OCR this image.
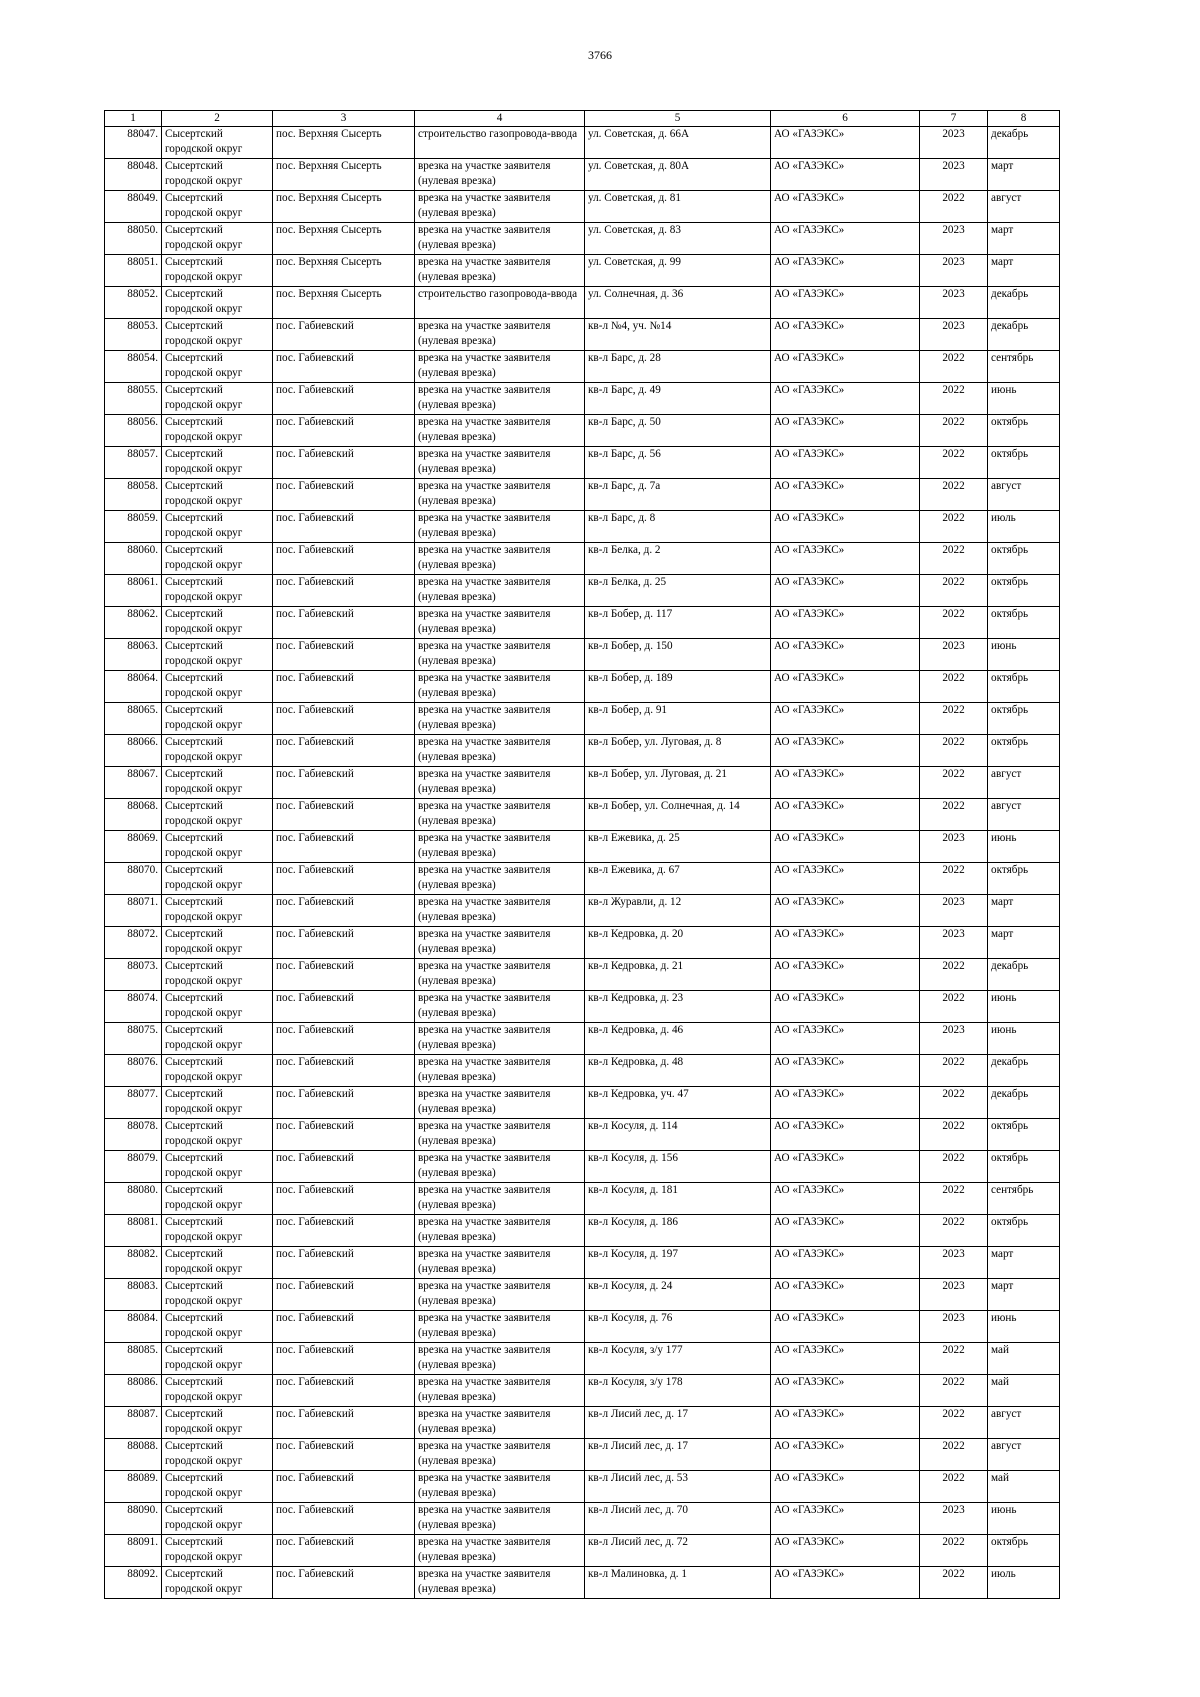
3766
1	2	3	4	5	6	7	8
88047.	Сысертский городской округ	пос. Верхняя Сысерть	строительство газопровода-ввода	ул. Советская, д. 66А	АО «ГАЗЭКС»	2023	декабрь
88048.	Сысертский городской округ	пос. Верхняя Сысерть	врезка на участке заявителя (нулевая врезка)	ул. Советская, д. 80А	АО «ГАЗЭКС»	2023	март
88049.	Сысертский городской округ	пос. Верхняя Сысерть	врезка на участке заявителя (нулевая врезка)	ул. Советская, д. 81	АО «ГАЗЭКС»	2022	август
88050.	Сысертский городской округ	пос. Верхняя Сысерть	врезка на участке заявителя (нулевая врезка)	ул. Советская, д. 83	АО «ГАЗЭКС»	2023	март
88051.	Сысертский городской округ	пос. Верхняя Сысерть	врезка на участке заявителя (нулевая врезка)	ул. Советская, д. 99	АО «ГАЗЭКС»	2023	март
88052.	Сысертский городской округ	пос. Верхняя Сысерть	строительство газопровода-ввода	ул. Солнечная, д. 36	АО «ГАЗЭКС»	2023	декабрь
88053.	Сысертский городской округ	пос. Габиевский	врезка на участке заявителя (нулевая врезка)	кв-л №4, уч. №14	АО «ГАЗЭКС»	2023	декабрь
88054.	Сысертский городской округ	пос. Габиевский	врезка на участке заявителя (нулевая врезка)	кв-л Барс, д. 28	АО «ГАЗЭКС»	2022	сентябрь
88055.	Сысертский городской округ	пос. Габиевский	врезка на участке заявителя (нулевая врезка)	кв-л Барс, д. 49	АО «ГАЗЭКС»	2022	июнь
88056.	Сысертский городской округ	пос. Габиевский	врезка на участке заявителя (нулевая врезка)	кв-л Барс, д. 50	АО «ГАЗЭКС»	2022	октябрь
88057.	Сысертский городской округ	пос. Габиевский	врезка на участке заявителя (нулевая врезка)	кв-л Барс, д. 56	АО «ГАЗЭКС»	2022	октябрь
88058.	Сысертский городской округ	пос. Габиевский	врезка на участке заявителя (нулевая врезка)	кв-л Барс, д. 7а	АО «ГАЗЭКС»	2022	август
88059.	Сысертский городской округ	пос. Габиевский	врезка на участке заявителя (нулевая врезка)	кв-л Барс, д. 8	АО «ГАЗЭКС»	2022	июль
88060.	Сысертский городской округ	пос. Габиевский	врезка на участке заявителя (нулевая врезка)	кв-л Белка, д. 2	АО «ГАЗЭКС»	2022	октябрь
88061.	Сысертский городской округ	пос. Габиевский	врезка на участке заявителя (нулевая врезка)	кв-л Белка, д. 25	АО «ГАЗЭКС»	2022	октябрь
88062.	Сысертский городской округ	пос. Габиевский	врезка на участке заявителя (нулевая врезка)	кв-л Бобер, д. 117	АО «ГАЗЭКС»	2022	октябрь
88063.	Сысертский городской округ	пос. Габиевский	врезка на участке заявителя (нулевая врезка)	кв-л Бобер, д. 150	АО «ГАЗЭКС»	2023	июнь
88064.	Сысертский городской округ	пос. Габиевский	врезка на участке заявителя (нулевая врезка)	кв-л Бобер, д. 189	АО «ГАЗЭКС»	2022	октябрь
88065.	Сысертский городской округ	пос. Габиевский	врезка на участке заявителя (нулевая врезка)	кв-л Бобер, д. 91	АО «ГАЗЭКС»	2022	октябрь
88066.	Сысертский городской округ	пос. Габиевский	врезка на участке заявителя (нулевая врезка)	кв-л Бобер, ул. Луговая, д. 8	АО «ГАЗЭКС»	2022	октябрь
88067.	Сысертский городской округ	пос. Габиевский	врезка на участке заявителя (нулевая врезка)	кв-л Бобер, ул. Луговая, д. 21	АО «ГАЗЭКС»	2022	август
88068.	Сысертский городской округ	пос. Габиевский	врезка на участке заявителя (нулевая врезка)	кв-л Бобер, ул. Солнечная, д. 14	АО «ГАЗЭКС»	2022	август
88069.	Сысертский городской округ	пос. Габиевский	врезка на участке заявителя (нулевая врезка)	кв-л Ежевика, д. 25	АО «ГАЗЭКС»	2023	июнь
88070.	Сысертский городской округ	пос. Габиевский	врезка на участке заявителя (нулевая врезка)	кв-л Ежевика, д. 67	АО «ГАЗЭКС»	2022	октябрь
88071.	Сысертский городской округ	пос. Габиевский	врезка на участке заявителя (нулевая врезка)	кв-л Журавли, д. 12	АО «ГАЗЭКС»	2023	март
88072.	Сысертский городской округ	пос. Габиевский	врезка на участке заявителя (нулевая врезка)	кв-л Кедровка, д. 20	АО «ГАЗЭКС»	2023	март
88073.	Сысертский городской округ	пос. Габиевский	врезка на участке заявителя (нулевая врезка)	кв-л Кедровка, д. 21	АО «ГАЗЭКС»	2022	декабрь
88074.	Сысертский городской округ	пос. Габиевский	врезка на участке заявителя (нулевая врезка)	кв-л Кедровка, д. 23	АО «ГАЗЭКС»	2022	июнь
88075.	Сысертский городской округ	пос. Габиевский	врезка на участке заявителя (нулевая врезка)	кв-л Кедровка, д. 46	АО «ГАЗЭКС»	2023	июнь
88076.	Сысертский городской округ	пос. Габиевский	врезка на участке заявителя (нулевая врезка)	кв-л Кедровка, д. 48	АО «ГАЗЭКС»	2022	декабрь
88077.	Сысертский городской округ	пос. Габиевский	врезка на участке заявителя (нулевая врезка)	кв-л Кедровка, уч. 47	АО «ГАЗЭКС»	2022	декабрь
88078.	Сысертский городской округ	пос. Габиевский	врезка на участке заявителя (нулевая врезка)	кв-л Косуля, д. 114	АО «ГАЗЭКС»	2022	октябрь
88079.	Сысертский городской округ	пос. Габиевский	врезка на участке заявителя (нулевая врезка)	кв-л Косуля, д. 156	АО «ГАЗЭКС»	2022	октябрь
88080.	Сысертский городской округ	пос. Габиевский	врезка на участке заявителя (нулевая врезка)	кв-л Косуля, д. 181	АО «ГАЗЭКС»	2022	сентябрь
88081.	Сысертский городской округ	пос. Габиевский	врезка на участке заявителя (нулевая врезка)	кв-л Косуля, д. 186	АО «ГАЗЭКС»	2022	октябрь
88082.	Сысертский городской округ	пос. Габиевский	врезка на участке заявителя (нулевая врезка)	кв-л Косуля, д. 197	АО «ГАЗЭКС»	2023	март
88083.	Сысертский городской округ	пос. Габиевский	врезка на участке заявителя (нулевая врезка)	кв-л Косуля, д. 24	АО «ГАЗЭКС»	2023	март
88084.	Сысертский городской округ	пос. Габиевский	врезка на участке заявителя (нулевая врезка)	кв-л Косуля, д. 76	АО «ГАЗЭКС»	2023	июнь
88085.	Сысертский городской округ	пос. Габиевский	врезка на участке заявителя (нулевая врезка)	кв-л Косуля, з/у 177	АО «ГАЗЭКС»	2022	май
88086.	Сысертский городской округ	пос. Габиевский	врезка на участке заявителя (нулевая врезка)	кв-л Косуля, з/у 178	АО «ГАЗЭКС»	2022	май
88087.	Сысертский городской округ	пос. Габиевский	врезка на участке заявителя (нулевая врезка)	кв-л Лисий лес, д. 17	АО «ГАЗЭКС»	2022	август
88088.	Сысертский городской округ	пос. Габиевский	врезка на участке заявителя (нулевая врезка)	кв-л Лисий лес, д. 17	АО «ГАЗЭКС»	2022	август
88089.	Сысертский городской округ	пос. Габиевский	врезка на участке заявителя (нулевая врезка)	кв-л Лисий лес, д. 53	АО «ГАЗЭКС»	2022	май
88090.	Сысертский городской округ	пос. Габиевский	врезка на участке заявителя (нулевая врезка)	кв-л Лисий лес, д. 70	АО «ГАЗЭКС»	2023	июнь
88091.	Сысертский городской округ	пос. Габиевский	врезка на участке заявителя (нулевая врезка)	кв-л Лисий лес, д. 72	АО «ГАЗЭКС»	2022	октябрь
88092.	Сысертский городской округ	пос. Габиевский	врезка на участке заявителя (нулевая врезка)	кв-л Малиновка, д. 1	АО «ГАЗЭКС»	2022	июль
